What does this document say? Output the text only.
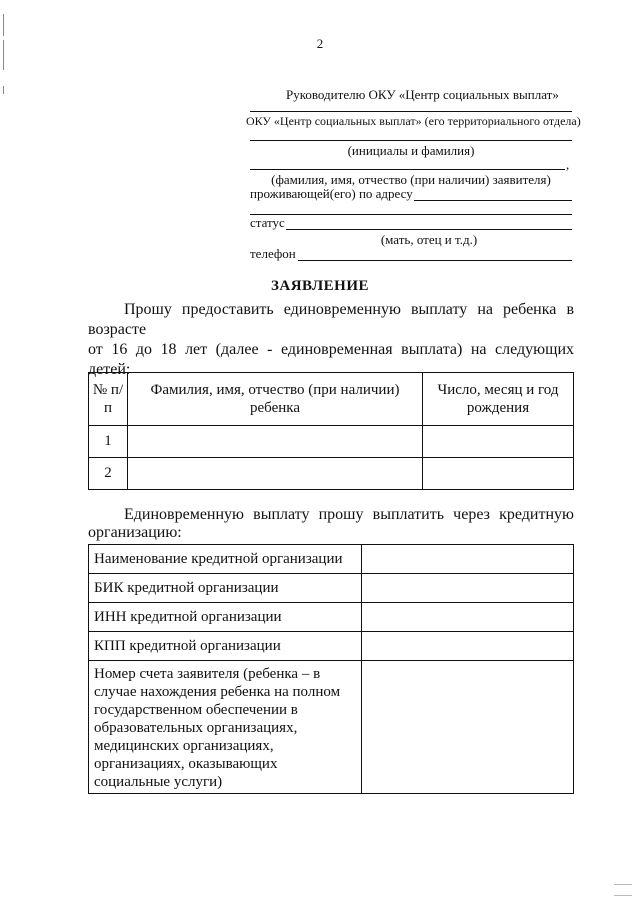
2
Руководителю ОКУ «Центр социальных выплат»
ОКУ «Центр социальных выплат» (его территориального отдела)
(инициалы и фамилия)
,
(фамилия, имя, отчество (при наличии) заявителя)
проживающей(его) по адресу
статус
(мать, отец и т.д.)
телефон
ЗАЯВЛЕНИЕ
Прошу предоставить единовременную выплату на ребенка в возрасте
от 16 до 18 лет (далее - единовременная выплата) на следующих детей:
№ п/п	Фамилия, имя, отчество (при наличии) ребенка	Число, месяц и год рождения
1		
2		
Единовременную выплату прошу выплатить через кредитную
организацию:
Наименование кредитной организации	
БИК кредитной организации	
ИНН кредитной организации	
КПП кредитной организации	
Номер счета заявителя (ребенка – в случае нахождения ребенка на полном государственном обеспечении в образовательных организациях, медицинских организациях, организациях, оказывающих социальные услуги)	
